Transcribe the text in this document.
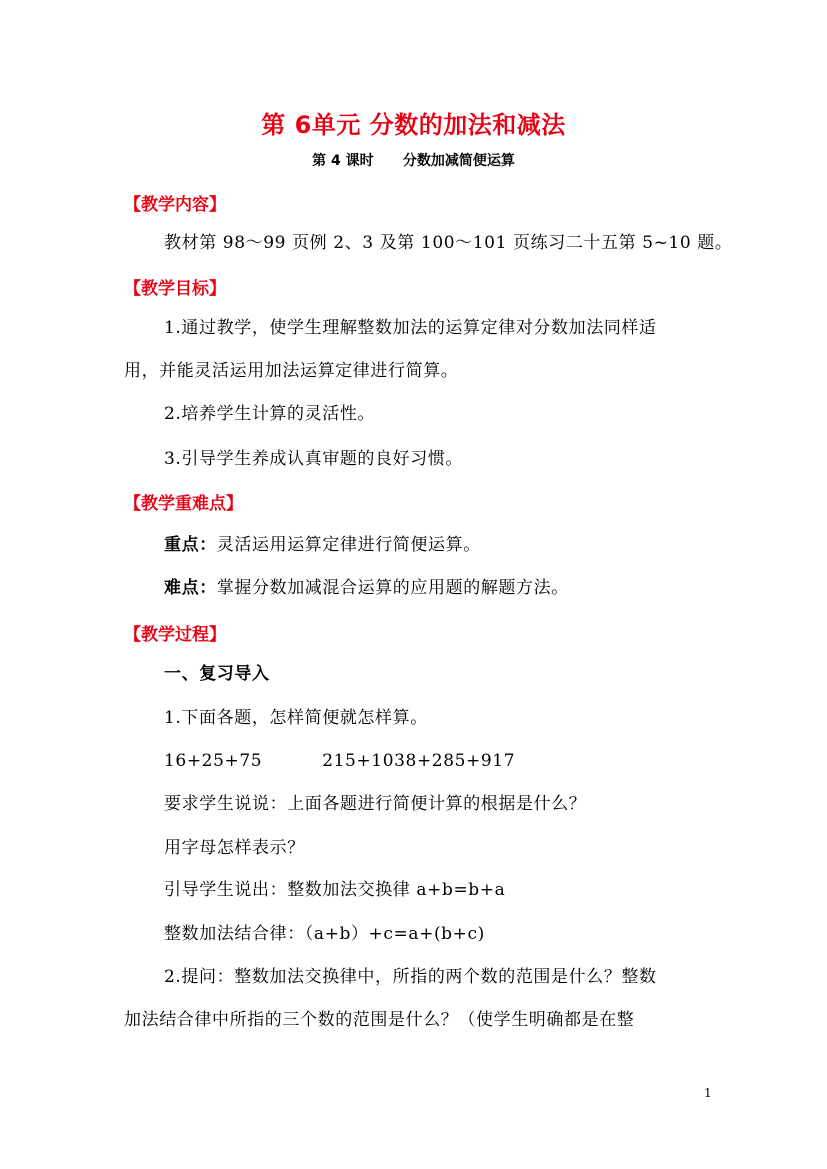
第 6单元 分数的加法和减法
第 4 课时      分数加减简便运算
【教学内容】
教材第 98～99 页例 2、3 及第 100～101 页练习二十五第 5~10 题。
【教学目标】
1.通过教学，使学生理解整数加法的运算定律对分数加法同样适
用，并能灵活运用加法运算定律进行简算。
2.培养学生计算的灵活性。
3.引导学生养成认真审题的良好习惯。
【教学重难点】
重点：灵活运用运算定律进行简便运算。
难点：掌握分数加减混合运算的应用题的解题方法。
【教学过程】
一、复习导入
1.下面各题，怎样简便就怎样算。
16+25+75	215+1038+285+917
要求学生说说：上面各题进行简便计算的根据是什么？
用字母怎样表示？
引导学生说出：整数加法交换律 a+b=b+a
整数加法结合律：（a+b）+c=a+(b+c)
2.提问：整数加法交换律中，所指的两个数的范围是什么？整数
加法结合律中所指的三个数的范围是什么？（使学生明确都是在整
1
